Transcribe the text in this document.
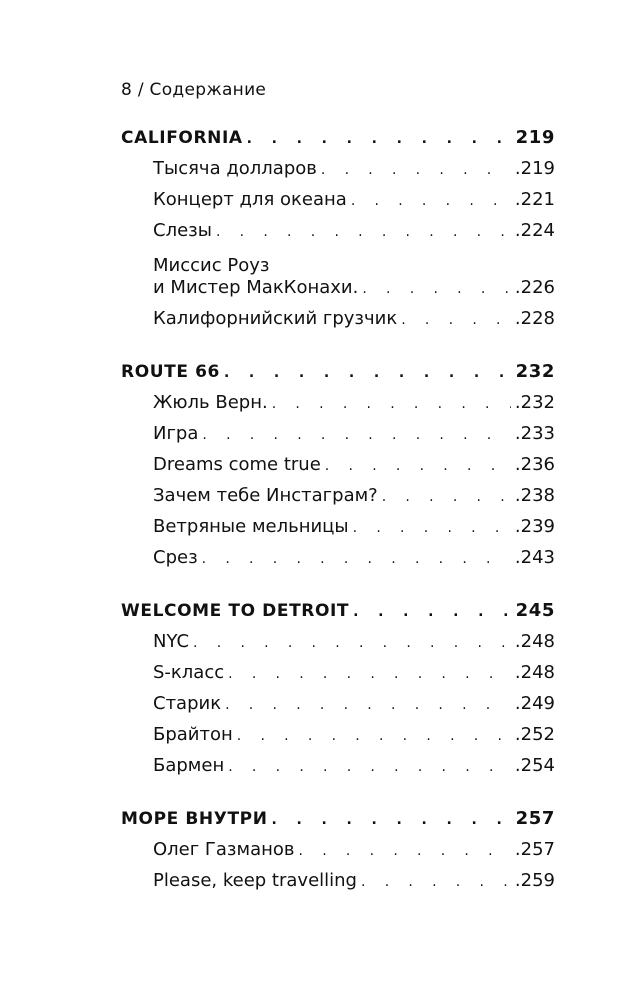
8 / Содержание
CALIFORNIA . . .	219
Тысяча долларов . . .	.219
Концерт для океана . . .	.221
Слезы . . .	.224
Миссис Роуз
и Мистер МакКонахи. . . .	.226
Калифорнийский грузчик . . .	.228
ROUTE 66 . . .	232
Жюль Верн. . . .	.232
Игра . . .	.233
Dreams come true . . .	.236
Зачем тебе Инстаграм? . . .	.238
Ветряные мельницы . . .	.239
Срез . . .	.243
WELCOME TO DETROIT . . .	245
NYC . . .	.248
S-класс . . .	.248
Старик . . .	.249
Брайтон . . .	.252
Бармен . . .	.254
МОРЕ ВНУТРИ . . .	257
Олег Газманов . . .	.257
Please, keep travelling . . .	.259
